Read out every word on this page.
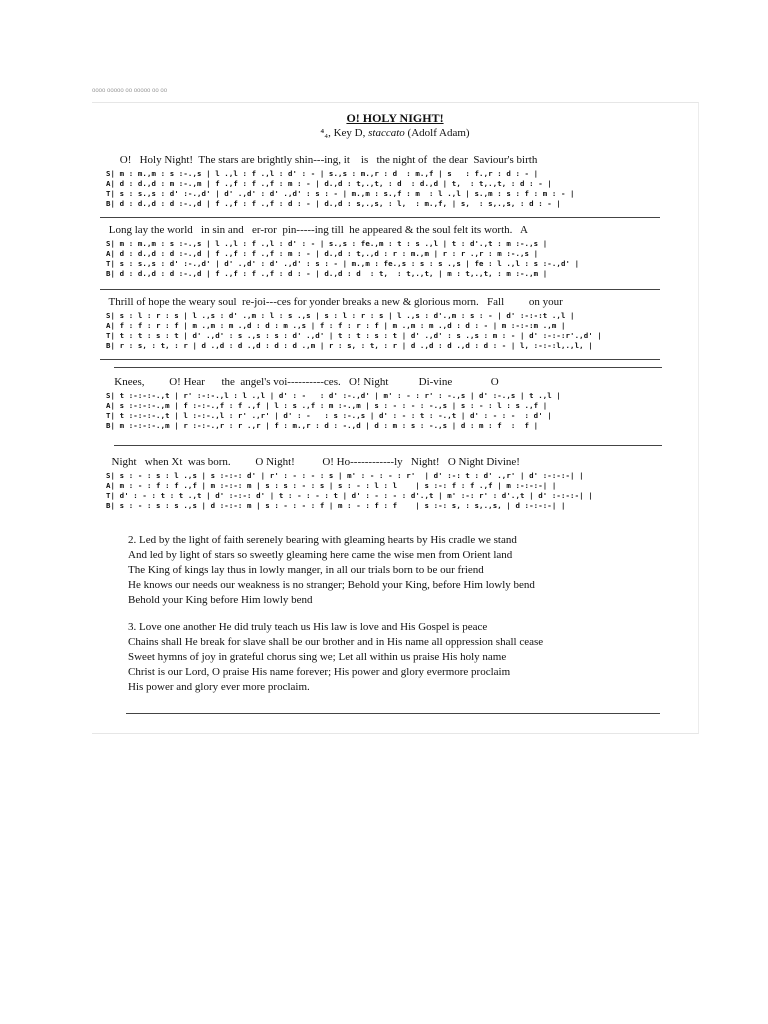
oooo ooooo oo ooooo oo oo
O! HOLY NIGHT!
⁴₄, Key D, staccato (Adolf Adam)
O!   Holy Night!  The stars are brightly shin---ing, it    is   the night of  the dear  Saviour's birth
S| m : m.,m : s :-.,s | l .,l : f .,l : d' : - | s.,s : m.,r : d  : m.,f | s   : f.,r : d : - |
A| d : d.,d : m :-.,m | f .,f : f .,f : m : - | d.,d : t,.,t, : d  : d.,d | t,  : t,.,t, : d : - |
T| s : s.,s : d' :-.,d' | d' .,d' : d' .,d' : s : - | m.,m : s.,f : m  : l .,l | s.,m : s : f : m : - |
B| d : d.,d : d :-.,d | f .,f : f .,f : d : - | d.,d : s,.,s, : l,  : m.,f, | s,  : s,.,s, : d : - |
Long lay the world   in sin and   er-ror  pin-----ing till  he appeared & the soul felt its worth.   A
S| m : m.,m : s :-.,s | l .,l : f .,l : d' : - | s.,s : fe.,m : t : s .,l | t : d'.,t : m :-.,s |
A| d : d.,d : d :-.,d | f .,f : f .,f : m : - | d.,d : t,.,d : r : m.,m | r : r .,r : m :-.,s |
T| s : s.,s : d' :-.,d' | d' .,d' : d' .,d' : s : - | m.,m : fe.,s : s : s .,s | fe : l .,l : s :-.,d' |
B| d : d.,d : d :-.,d | f .,f : f .,f : d : - | d.,d : d  : t,  : t,.,t, | m : t,.,t, : m :-.,m |
Thrill of hope the weary soul  re-joi---ces for yonder breaks a new & glorious morn.   Fall         on your
S| s : l : r : s | l .,s : d' .,m : l : s .,s | s : l : r : s | l .,s : d'.,m : s : - | d' :-:-:t .,l |
A| f : f : r : f | m .,m : m .,d : d : m .,s | f : f : r : f | m .,m : m .,d : d : - | m :-:-:m .,m |
T| t : t : s : t | d' .,d' : s .,s : s : d' .,d' | t : t : s : t | d' .,d' : s .,s : m : - | d' :-:-:r'.,d' |
B| r : s, : t, : r | d .,d : d .,d : d : d .,m | r : s, : t, : r | d .,d : d .,d : d : - | l, :-:-:l,.,l, |
Knees,         O! Hear      the  angel's voi----------ces.   O! Night           Di-vine              O
S| t :-:-:-.,t | r' :-:-.,l : l .,l | d' : -   : d' :-.,d' | m' : - : r' : -.,s | d' :-.,s | t .,l |
A| s :-:-:-.,m | f :-:-.,f : f .,f | l : s .,f : m :-.,m | s : - : - : -.,s | s : - : l : s .,f |
T| t :-:-:-.,t | l :-:-.,l : r' .,r' | d' : -   : s :-.,s | d' : - : t : -.,t | d' : - : -  : d' |
B| m :-:-:-.,m | r :-:-.,r : r .,r | f : m.,r : d : -.,d | d : m : s : -.,s | d : m : f  :  f |
Night   when Xt  was born.         O Night!          O! Ho------------ly   Night!   O Night Divine!
S| s : - : s : l .,s | s :-:-: d' | r' : - : - : s | m' : - : - : r'  | d' :-: t : d' .,r' | d' :-:-:-| |
A| m : - : f : f .,f | m :-:-: m | s : s : - : s | s : - : l : l    | s :-: f : f .,f | m :-:-:-| |
T| d' : - : t : t .,t | d' :-:-: d' | t : - : - : t | d' : - : - : d'.,t | m' :-: r' : d'.,t | d' :-:-:-| |
B| s : - : s : s .,s | d :-:-: m | s : - : - : f | m : - : f : f    | s :-: s, : s,.,s, | d :-:-:-| |
2. Led by the light of faith serenely bearing with gleaming hearts by His cradle we stand
And led by light of stars so sweetly gleaming here came the wise men from Orient land
The King of kings lay thus in lowly manger, in all our trials born to be our friend
He knows our needs our weakness is no stranger; Behold your King, before Him lowly bend
Behold your King before Him lowly bend
3. Love one another He did truly teach us His law is love and His Gospel is peace
Chains shall He break for slave shall be our brother and in His name all oppression shall cease
Sweet hymns of joy in grateful chorus sing we; Let all within us praise His holy name
Christ is our Lord, O praise His name forever; His power and glory evermore proclaim
His power and glory ever more proclaim.
